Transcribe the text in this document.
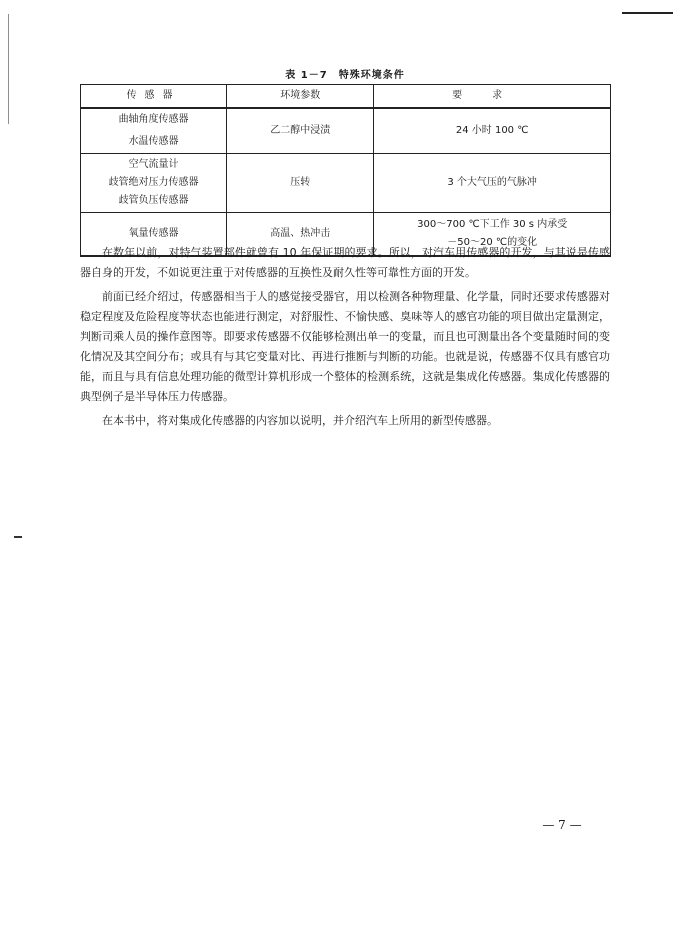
表 1－7　特殊环境条件
传感器	环境参数	要求

曲轴角度传感器
水温传感器	乙二醇中浸渍	24 小时 100 ℃

空气流量计
歧管绝对压力传感器
歧管负压传感器	压转	3 个大气压的气脉冲

氧量传感器	高温、热冲击	300～700 ℃下工作 30 s 内承受
－50～20 ℃的变化

在数年以前，对特气装置部件就曾有 10 年保证期的要求。所以，对汽车用传感器的开发，与其说是传感器自身的开发，不如说更注重于对传感器的互换性及耐久性等可靠性方面的开发。

前面已经介绍过，传感器相当于人的感觉接受器官，用以检测各种物理量、化学量，同时还要求传感器对稳定程度及危险程度等状态也能进行测定，对舒服性、不愉快感、臭味等人的感官功能的项目做出定量测定，判断司乘人员的操作意图等。即要求传感器不仅能够检测出单一的变量，而且也可测量出各个变量随时间的变化情况及其空间分布；或具有与其它变量对比、再进行推断与判断的功能。也就是说，传感器不仅具有感官功能，而且与具有信息处理功能的微型计算机形成一个整体的检测系统，这就是集成化传感器。集成化传感器的典型例子是半导体压力传感器。

在本书中，将对集成化传感器的内容加以说明，并介绍汽车上所用的新型传感器。

— 7 —
